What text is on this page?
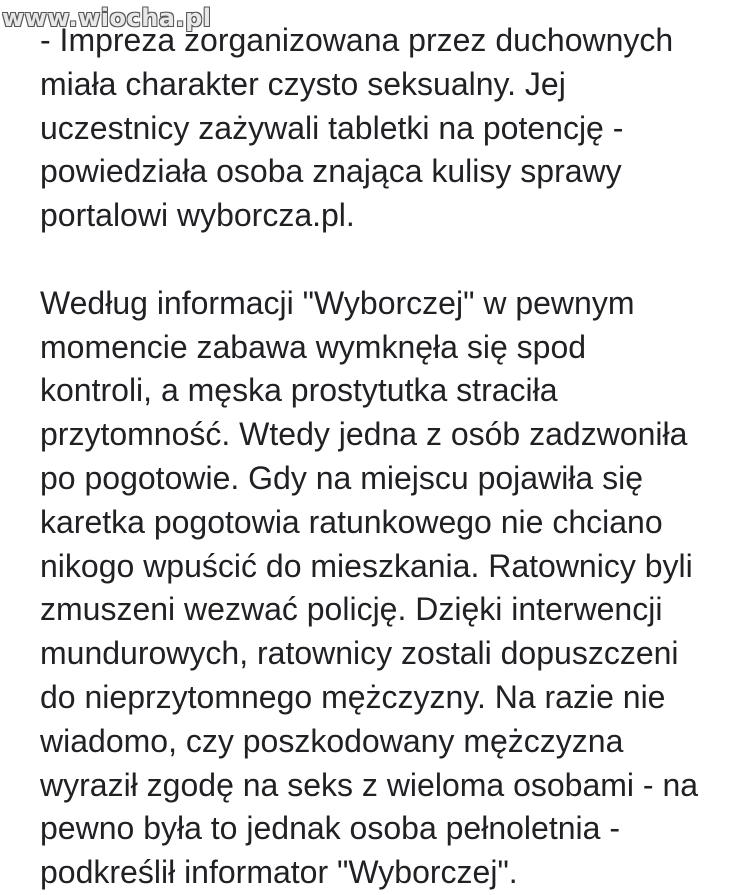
www.wiocha.pl
- Impreza zorganizowana przez duchownych
miała charakter czysto seksualny. Jej
uczestnicy zażywali tabletki na potencję -
powiedziała osoba znająca kulisy sprawy
portalowi wyborcza.pl.
Według informacji "Wyborczej" w pewnym
momencie zabawa wymknęła się spod
kontroli, a męska prostytutka straciła
przytomność. Wtedy jedna z osób zadzwoniła
po pogotowie. Gdy na miejscu pojawiła się
karetka pogotowia ratunkowego nie chciano
nikogo wpuścić do mieszkania. Ratownicy byli
zmuszeni wezwać policję. Dzięki interwencji
mundurowych, ratownicy zostali dopuszczeni
do nieprzytomnego mężczyzny. Na razie nie
wiadomo, czy poszkodowany mężczyzna
wyraził zgodę na seks z wieloma osobami - na
pewno była to jednak osoba pełnoletnia -
podkreślił informator "Wyborczej".
